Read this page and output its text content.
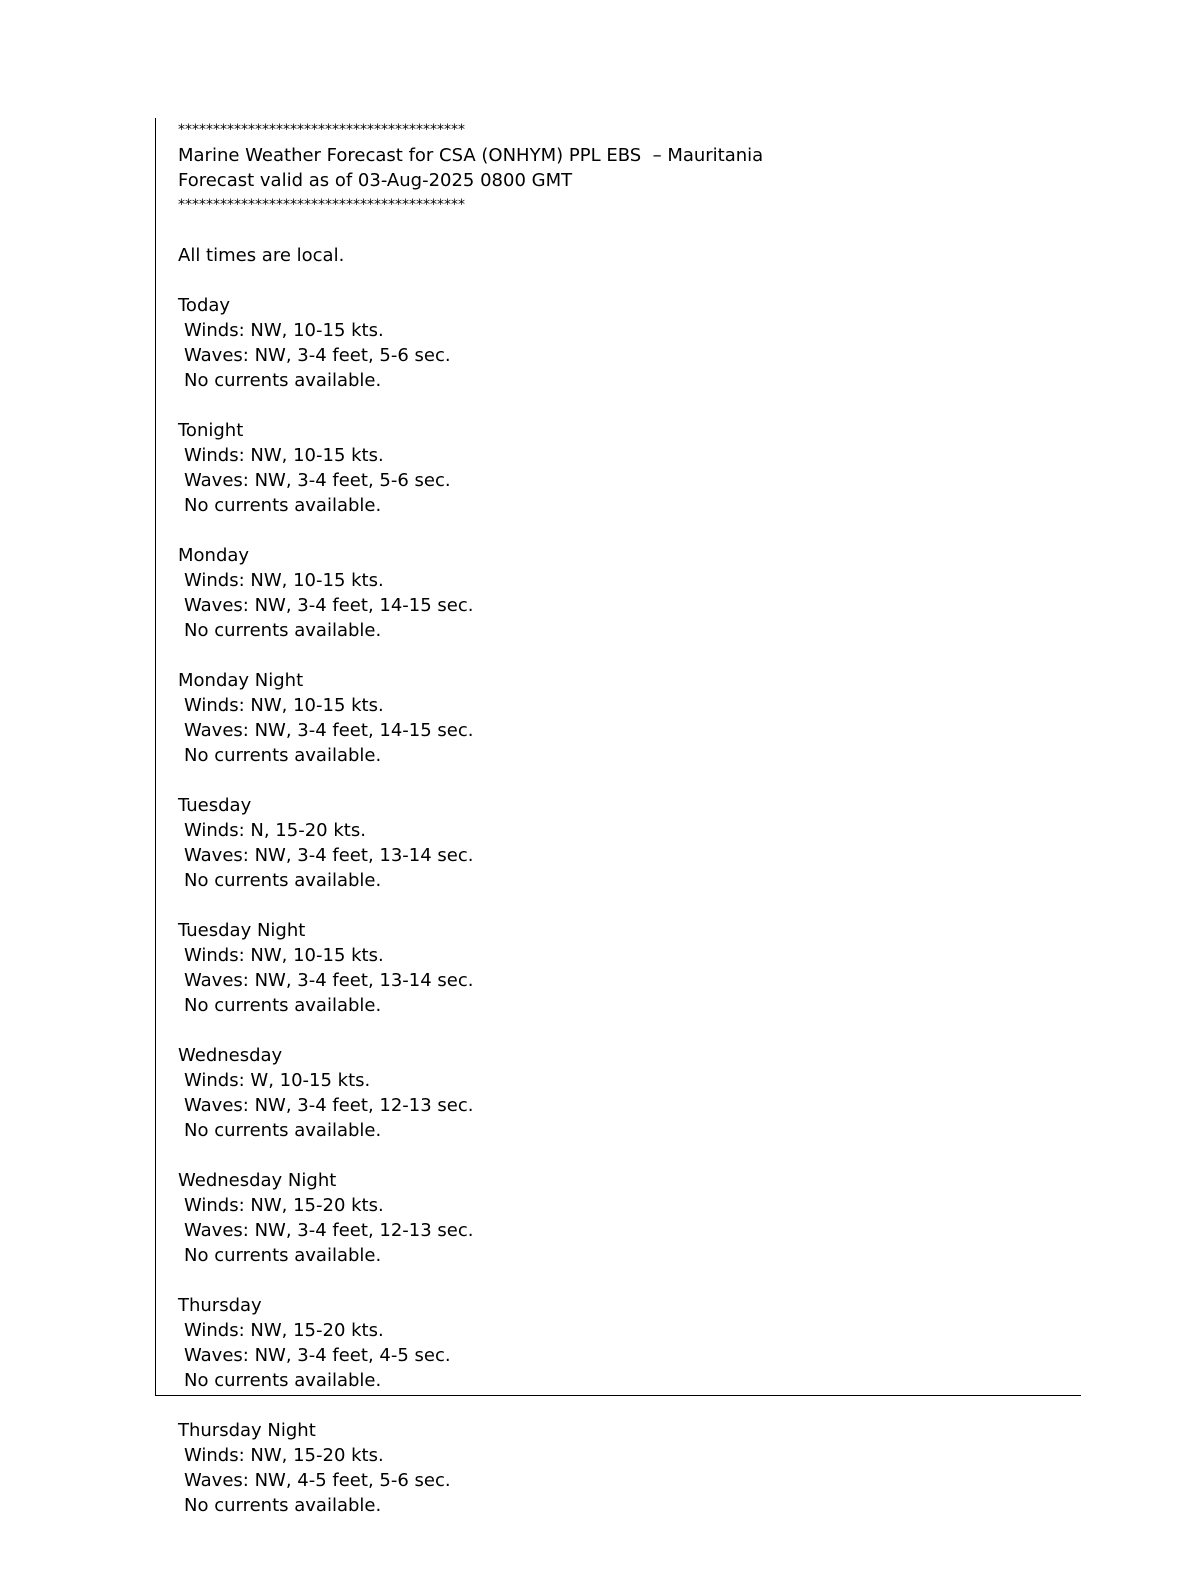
*****************************************
Marine Weather Forecast for CSA (ONHYM) PPL EBS  – Mauritania
Forecast valid as of 03-Aug-2025 0800 GMT
*****************************************
All times are local.
Today
Winds: NW, 10-15 kts.
Waves: NW, 3-4 feet, 5-6 sec.
No currents available.
Tonight
Winds: NW, 10-15 kts.
Waves: NW, 3-4 feet, 5-6 sec.
No currents available.
Monday
Winds: NW, 10-15 kts.
Waves: NW, 3-4 feet, 14-15 sec.
No currents available.
Monday Night
Winds: NW, 10-15 kts.
Waves: NW, 3-4 feet, 14-15 sec.
No currents available.
Tuesday
Winds: N, 15-20 kts.
Waves: NW, 3-4 feet, 13-14 sec.
No currents available.
Tuesday Night
Winds: NW, 10-15 kts.
Waves: NW, 3-4 feet, 13-14 sec.
No currents available.
Wednesday
Winds: W, 10-15 kts.
Waves: NW, 3-4 feet, 12-13 sec.
No currents available.
Wednesday Night
Winds: NW, 15-20 kts.
Waves: NW, 3-4 feet, 12-13 sec.
No currents available.
Thursday
Winds: NW, 15-20 kts.
Waves: NW, 3-4 feet, 4-5 sec.
No currents available.
Thursday Night
Winds: NW, 15-20 kts.
Waves: NW, 4-5 feet, 5-6 sec.
No currents available.
